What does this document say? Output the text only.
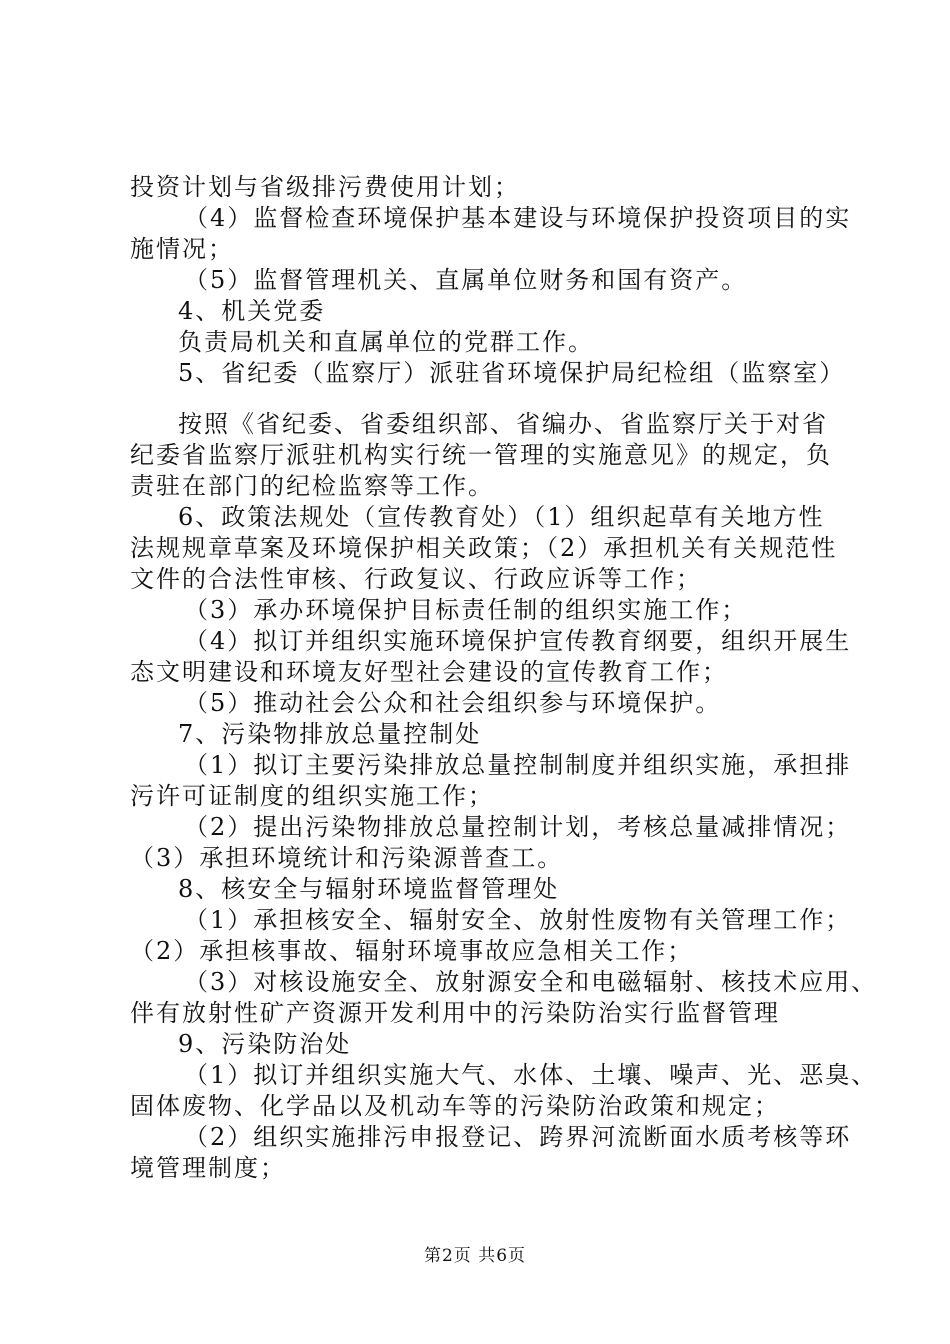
投资计划与省级排污费使用计划；
（4）监督检查环境保护基本建设与环境保护投资项目的实
施情况；
（5）监督管理机关、直属单位财务和国有资产。
4、机关党委
负责局机关和直属单位的党群工作。
5、省纪委（监察厅）派驻省环境保护局纪检组（监察室）
按照《省纪委、省委组织部、省编办、省监察厅关于对省
纪委省监察厅派驻机构实行统一管理的实施意见》的规定，负
责驻在部门的纪检监察等工作。
6、政策法规处（宣传教育处）（1）组织起草有关地方性
法规规章草案及环境保护相关政策；（2）承担机关有关规范性
文件的合法性审核、行政复议、行政应诉等工作；
（3）承办环境保护目标责任制的组织实施工作；
（4）拟订并组织实施环境保护宣传教育纲要，组织开展生
态文明建设和环境友好型社会建设的宣传教育工作；
（5）推动社会公众和社会组织参与环境保护。
7、污染物排放总量控制处
（1）拟订主要污染排放总量控制制度并组织实施，承担排
污许可证制度的组织实施工作；
（2）提出污染物排放总量控制计划，考核总量减排情况；
（3）承担环境统计和污染源普查工。
8、核安全与辐射环境监督管理处
（1）承担核安全、辐射安全、放射性废物有关管理工作；
（2）承担核事故、辐射环境事故应急相关工作；
（3）对核设施安全、放射源安全和电磁辐射、核技术应用、
伴有放射性矿产资源开发利用中的污染防治实行监督管理
9、污染防治处
（1）拟订并组织实施大气、水体、土壤、噪声、光、恶臭、
固体废物、化学品以及机动车等的污染防治政策和规定；
（2）组织实施排污申报登记、跨界河流断面水质考核等环
境管理制度；
第2页 共6页
